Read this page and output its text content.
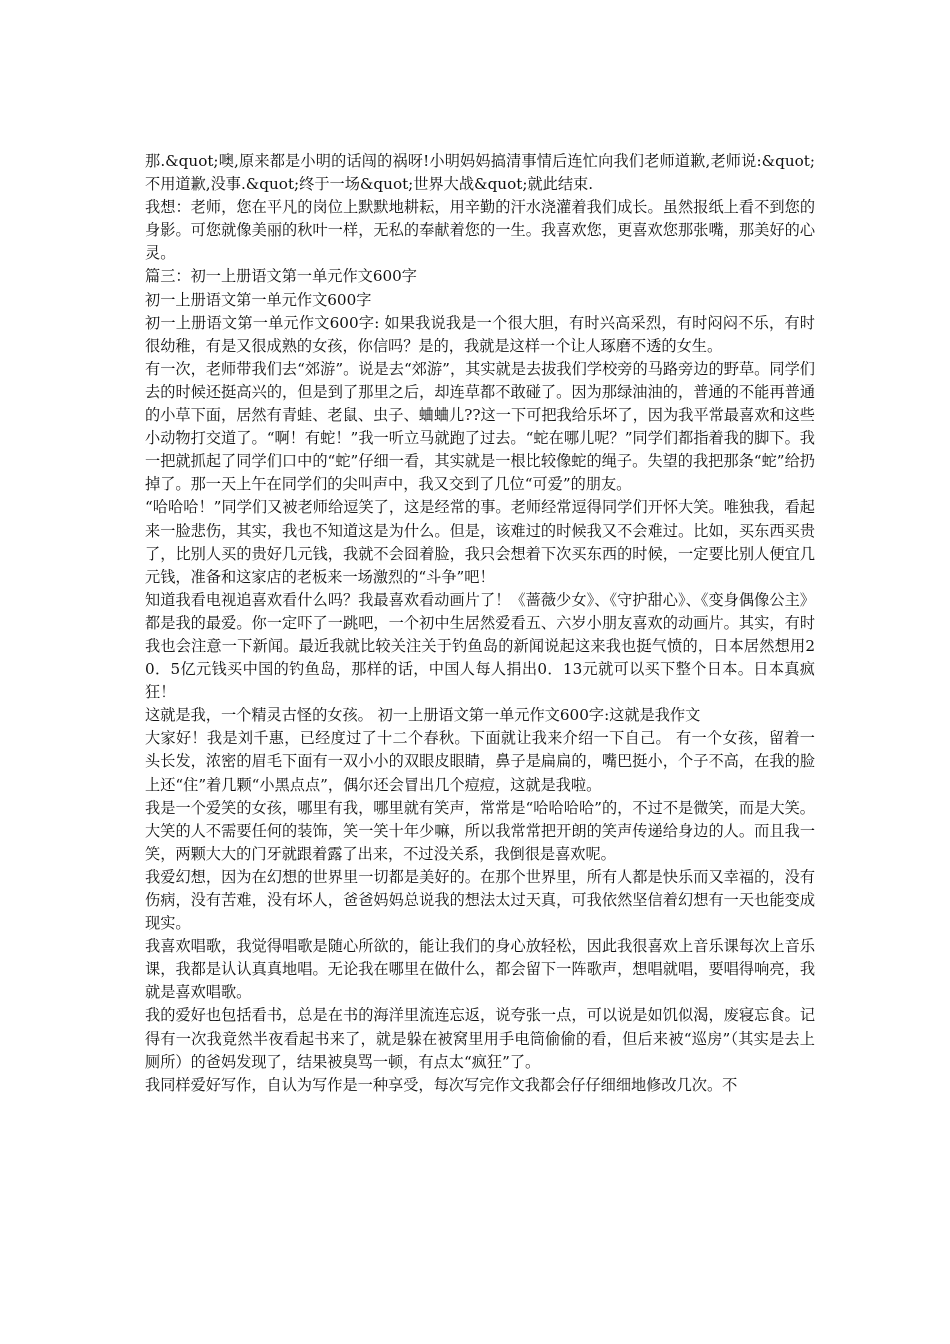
那.&quot;噢,原来都是小明的话闯的祸呀!小明妈妈搞清事情后连忙向我们老师道歉,老师说:&quot;不用道歉,没事.&quot;终于一场&quot;世界大战&quot;就此结束.

我想：老师，您在平凡的岗位上默默地耕耘，用辛勤的汗水浇灌着我们成长。虽然报纸上看不到您的身影。可您就像美丽的秋叶一样，无私的奉献着您的一生。我喜欢您，更喜欢您那张嘴，那美好的心灵。

篇三：初一上册语文第一单元作文600字

初一上册语文第一单元作文600字

初一上册语文第一单元作文600字: 如果我说我是一个很大胆，有时兴高采烈，有时闷闷不乐，有时很幼稚，有是又很成熟的女孩，你信吗？是的，我就是这样一个让人琢磨不透的女生。

有一次，老师带我们去“郊游”。说是去“郊游”，其实就是去拔我们学校旁的马路旁边的野草。同学们去的时候还挺高兴的，但是到了那里之后，却连草都不敢碰了。因为那绿油油的，普通的不能再普通的小草下面，居然有青蛙、老鼠、虫子、蛐蛐儿??这一下可把我给乐坏了，因为我平常最喜欢和这些小动物打交道了。“啊！有蛇！”我一听立马就跑了过去。“蛇在哪儿呢？”同学们都指着我的脚下。我一把就抓起了同学们口中的“蛇”仔细一看，其实就是一根比较像蛇的绳子。失望的我把那条“蛇”给扔掉了。那一天上午在同学们的尖叫声中，我又交到了几位“可爱”的朋友。

“哈哈哈！”同学们又被老师给逗笑了，这是经常的事。老师经常逗得同学们开怀大笑。唯独我，看起来一脸悲伤，其实，我也不知道这是为什么。但是，该难过的时候我又不会难过。比如，买东西买贵了，比别人买的贵好几元钱，我就不会囧着脸，我只会想着下次买东西的时候，一定要比别人便宜几元钱，准备和这家店的老板来一场激烈的“斗争”吧！

知道我看电视追喜欢看什么吗？我最喜欢看动画片了！《蔷薇少女》、《守护甜心》、《变身偶像公主》都是我的最爱。你一定吓了一跳吧，一个初中生居然爱看五、六岁小朋友喜欢的动画片。其实，有时我也会注意一下新闻。最近我就比较关注关于钓鱼岛的新闻说起这来我也挺气愤的，日本居然想用20．5亿元钱买中国的钓鱼岛，那样的话，中国人每人捐出0．13元就可以买下整个日本。日本真疯狂！

这就是我，一个精灵古怪的女孩。 初一上册语文第一单元作文600字:这就是我作文

大家好！我是刘千惠，已经度过了十二个春秋。下面就让我来介绍一下自己。 有一个女孩，留着一头长发，浓密的眉毛下面有一双小小的双眼皮眼睛，鼻子是扁扁的，嘴巴挺小，个子不高，在我的脸上还“住”着几颗“小黑点点”，偶尔还会冒出几个痘痘，这就是我啦。

我是一个爱笑的女孩，哪里有我，哪里就有笑声，常常是“哈哈哈哈”的，不过不是微笑，而是大笑。大笑的人不需要任何的装饰，笑一笑十年少嘛，所以我常常把开朗的笑声传递给身边的人。而且我一笑，两颗大大的门牙就跟着露了出来，不过没关系，我倒很是喜欢呢。

我爱幻想，因为在幻想的世界里一切都是美好的。在那个世界里，所有人都是快乐而又幸福的，没有伤病，没有苦难，没有坏人，爸爸妈妈总说我的想法太过天真，可我依然坚信着幻想有一天也能变成现实。

我喜欢唱歌，我觉得唱歌是随心所欲的，能让我们的身心放轻松，因此我很喜欢上音乐课每次上音乐课，我都是认认真真地唱。无论我在哪里在做什么，都会留下一阵歌声，想唱就唱，要唱得响亮，我就是喜欢唱歌。

我的爱好也包括看书，总是在书的海洋里流连忘返，说夸张一点，可以说是如饥似渴，废寝忘食。记得有一次我竟然半夜看起书来了，就是躲在被窝里用手电筒偷偷的看，但后来被“巡房”（其实是去上厕所）的爸妈发现了，结果被臭骂一顿，有点太“疯狂”了。

我同样爱好写作，自认为写作是一种享受，每次写完作文我都会仔仔细细地修改几次。不
